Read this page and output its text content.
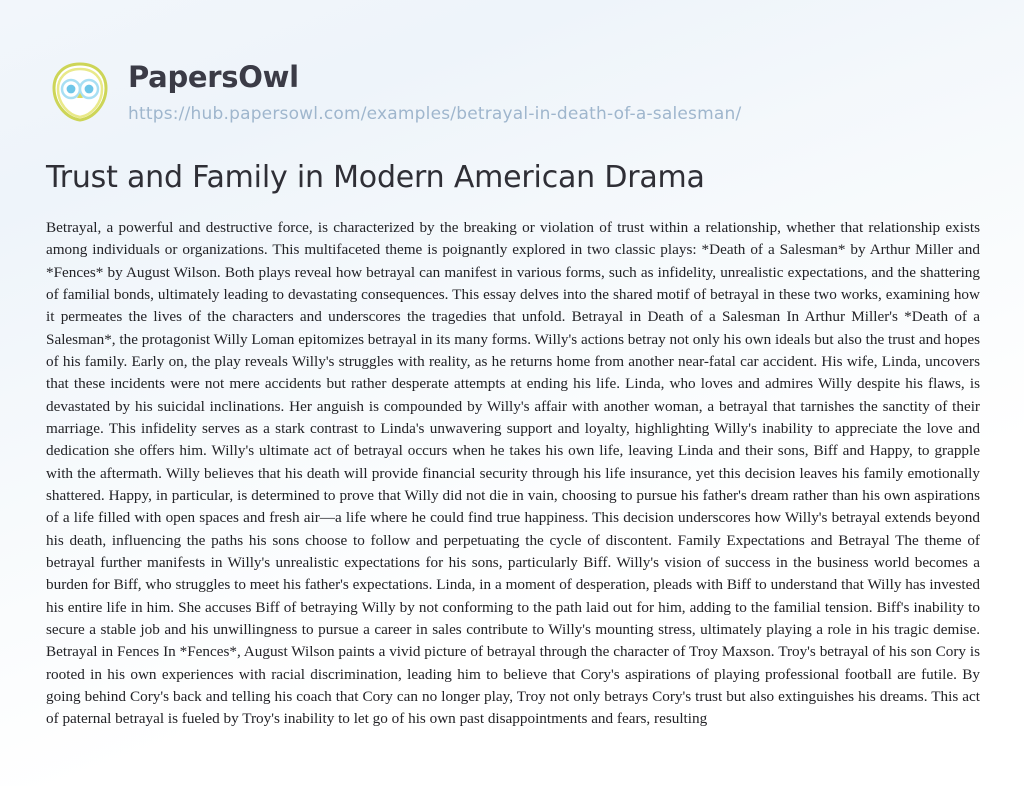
PapersOwl
https://hub.papersowl.com/examples/betrayal-in-death-of-a-salesman/
Trust and Family in Modern American Drama

Betrayal, a powerful and destructive force, is characterized by the breaking or violation of trust within a relationship, whether that relationship exists among individuals or organizations. This multifaceted theme is poignantly explored in two classic plays: *Death of a Salesman* by Arthur Miller and *Fences* by August Wilson. Both plays reveal how betrayal can manifest in various forms, such as infidelity, unrealistic expectations, and the shattering of familial bonds, ultimately leading to devastating consequences. This essay delves into the shared motif of betrayal in these two works, examining how it permeates the lives of the characters and underscores the tragedies that unfold. Betrayal in Death of a Salesman In Arthur Miller's *Death of a Salesman*, the protagonist Willy Loman epitomizes betrayal in its many forms. Willy's actions betray not only his own ideals but also the trust and hopes of his family. Early on, the play reveals Willy's struggles with reality, as he returns home from another near-fatal car accident. His wife, Linda, uncovers that these incidents were not mere accidents but rather desperate attempts at ending his life. Linda, who loves and admires Willy despite his flaws, is devastated by his suicidal inclinations. Her anguish is compounded by Willy's affair with another woman, a betrayal that tarnishes the sanctity of their marriage. This infidelity serves as a stark contrast to Linda's unwavering support and loyalty, highlighting Willy's inability to appreciate the love and dedication she offers him. Willy's ultimate act of betrayal occurs when he takes his own life, leaving Linda and their sons, Biff and Happy, to grapple with the aftermath. Willy believes that his death will provide financial security through his life insurance, yet this decision leaves his family emotionally shattered. Happy, in particular, is determined to prove that Willy did not die in vain, choosing to pursue his father's dream rather than his own aspirations of a life filled with open spaces and fresh air—a life where he could find true happiness. This decision underscores how Willy's betrayal extends beyond his death, influencing the paths his sons choose to follow and perpetuating the cycle of discontent. Family Expectations and Betrayal The theme of betrayal further manifests in Willy's unrealistic expectations for his sons, particularly Biff. Willy's vision of success in the business world becomes a burden for Biff, who struggles to meet his father's expectations. Linda, in a moment of desperation, pleads with Biff to understand that Willy has invested his entire life in him. She accuses Biff of betraying Willy by not conforming to the path laid out for him, adding to the familial tension. Biff's inability to secure a stable job and his unwillingness to pursue a career in sales contribute to Willy's mounting stress, ultimately playing a role in his tragic demise. Betrayal in Fences In *Fences*, August Wilson paints a vivid picture of betrayal through the character of Troy Maxson. Troy's betrayal of his son Cory is rooted in his own experiences with racial discrimination, leading him to believe that Cory's aspirations of playing professional football are futile. By going behind Cory's back and telling his coach that Cory can no longer play, Troy not only betrays Cory's trust but also extinguishes his dreams. This act of paternal betrayal is fueled by Troy's inability to let go of his own past disappointments and fears, resulting
